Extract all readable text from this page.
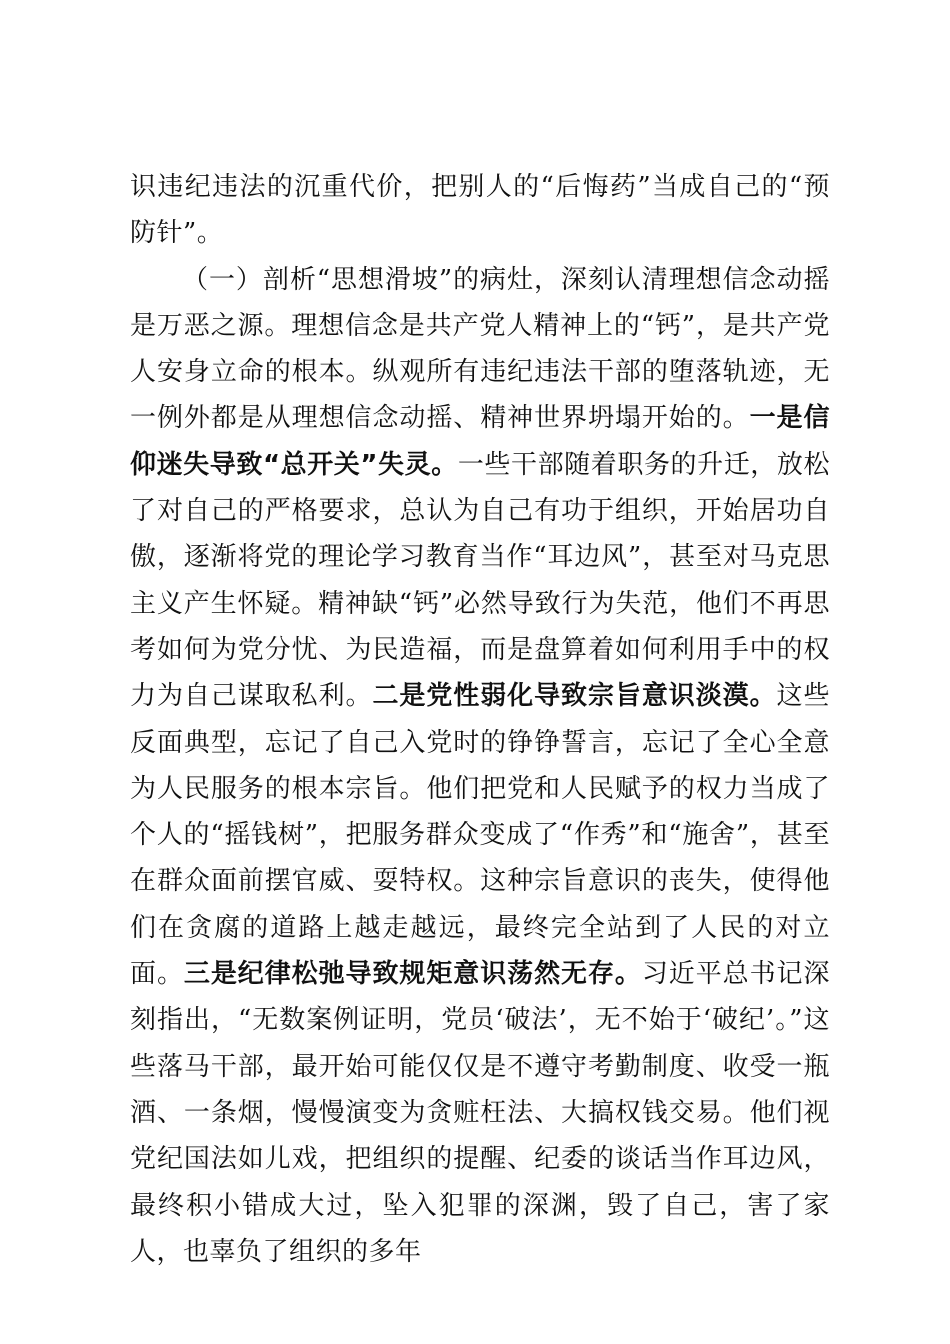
识违纪违法的沉重代价，把别人的“后悔药”当成自己的“预防针”。

（一）剖析“思想滑坡”的病灶，深刻认清理想信念动摇是万恶之源。理想信念是共产党人精神上的“钙”，是共产党人安身立命的根本。纵观所有违纪违法干部的堕落轨迹，无一例外都是从理想信念动摇、精神世界坍塌开始的。一是信仰迷失导致“总开关”失灵。一些干部随着职务的升迁，放松了对自己的严格要求，总认为自己有功于组织，开始居功自傲，逐渐将党的理论学习教育当作“耳边风”，甚至对马克思主义产生怀疑。精神缺“钙”必然导致行为失范，他们不再思考如何为党分忧、为民造福，而是盘算着如何利用手中的权力为自己谋取私利。二是党性弱化导致宗旨意识淡漠。这些反面典型，忘记了自己入党时的铮铮誓言，忘记了全心全意为人民服务的根本宗旨。他们把党和人民赋予的权力当成了个人的“摇钱树”，把服务群众变成了“作秀”和“施舍”，甚至在群众面前摆官威、耍特权。这种宗旨意识的丧失，使得他们在贪腐的道路上越走越远，最终完全站到了人民的对立面。三是纪律松弛导致规矩意识荡然无存。习近平总书记深刻指出，“无数案例证明，党员‘破法’，无不始于‘破纪’。”这些落马干部，最开始可能仅仅是不遵守考勤制度、收受一瓶酒、一条烟，慢慢演变为贪赃枉法、大搞权钱交易。他们视党纪国法如儿戏，把组织的提醒、纪委的谈话当作耳边风，最终积小错成大过，坠入犯罪的深渊，毁了自己，害了家人，也辜负了组织的多年
